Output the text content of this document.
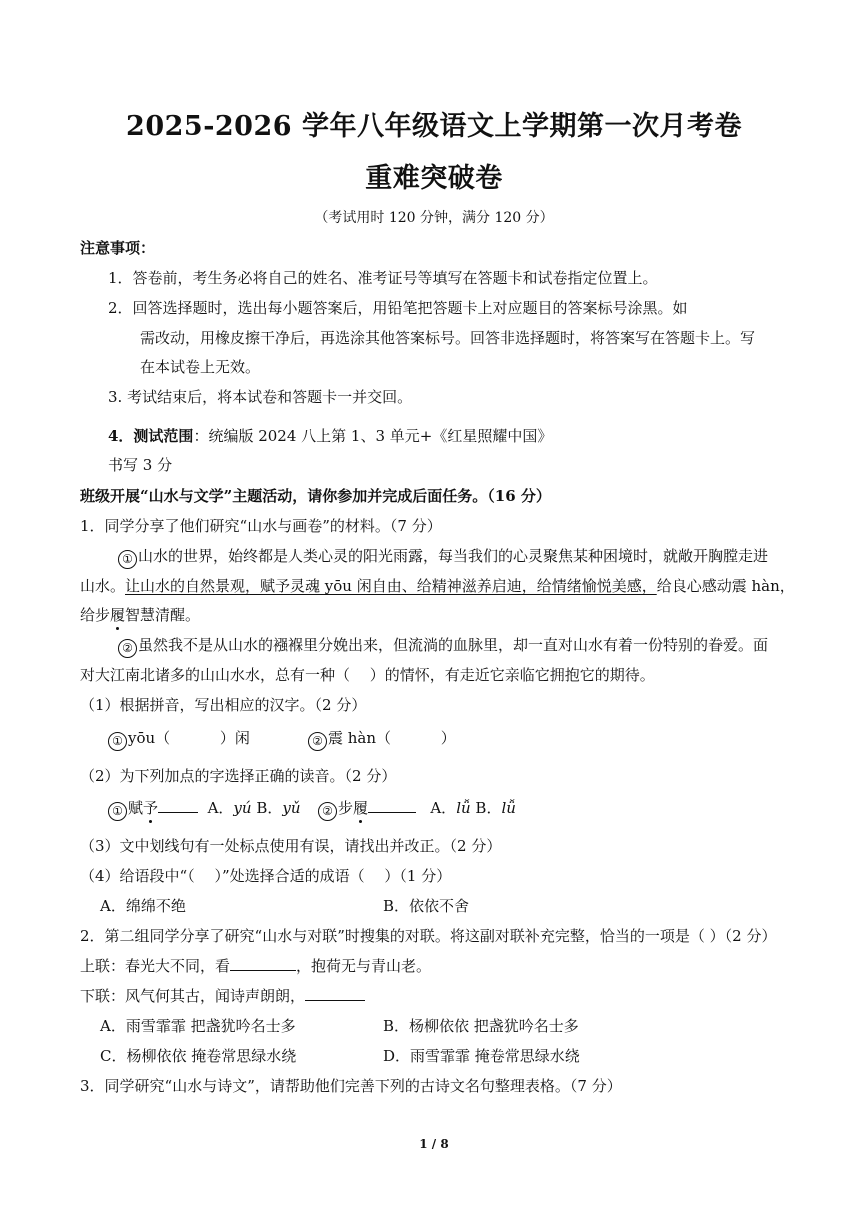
2025-2026 学年八年级语文上学期第一次月考卷
重难突破卷
（考试用时 120 分钟，满分 120 分）
注意事项：
1．答卷前，考生务必将自己的姓名、准考证号等填写在答题卡和试卷指定位置上。
2．回答选择题时，选出每小题答案后，用铅笔把答题卡上对应题目的答案标号涂黑。如
需改动，用橡皮擦干净后，再选涂其他答案标号。回答非选择题时，将答案写在答题卡上。写
在本试卷上无效。
3. 考试结束后，将本试卷和答题卡一并交回。
4．测试范围：统编版 2024 八上第 1、3 单元+《红星照耀中国》
书写 3 分
班级开展“山水与文学”主题活动，请你参加并完成后面任务。（16 分）
1．同学分享了他们研究“山水与画卷”的材料。（7 分）
① 山水的世界，始终都是人类心灵的阳光雨露，每当我们的心灵聚焦某种困境时，就敞开胸膛走进
山水。让山水的自然景观，赋予灵魂 yōu 闲自由、给精神滋养启迪，给情绪愉悦美感，给良心感动震 hàn，
给步履智慧清醒。
② 虽然我不是从山水的襁褓里分娩出来，但流淌的血脉里，却一直对山水有着一份特别的眷爱。面
对大江南北诸多的山山水水，总有一种（　 ）的情怀，有走近它亲临它拥抱它的期待。
（1）根据拼音，写出相应的汉字。（2 分）
① yōu（　　　 ）闲	② 震 hàn（　　　 ）
（2）为下列加点的字选择正确的读音。（2 分）
① 赋予	A．yú B．yǔ	② 步履	A．lǚ B．lǚ
（3）文中划线句有一处标点使用有误，请找出并改正。（2 分）
（4）给语段中“（　 ）”处选择合适的成语（　 ）（1 分）
A．绵绵不绝	B．依依不舍
2．第二组同学分享了研究“山水与对联”时搜集的对联。将这副对联补充完整，恰当的一项是（ ）（2 分）
上联：春光大不同，看	，抱荷无与青山老。
下联：风气何其古，闻诗声朗朗，
A．雨雪霏霏 把盏犹吟名士多	B．杨柳依依 把盏犹吟名士多
C．杨柳依依 掩卷常思绿水绕	D．雨雪霏霏 掩卷常思绿水绕
3．同学研究“山水与诗文”，请帮助他们完善下列的古诗文名句整理表格。（7 分）
1 / 8
